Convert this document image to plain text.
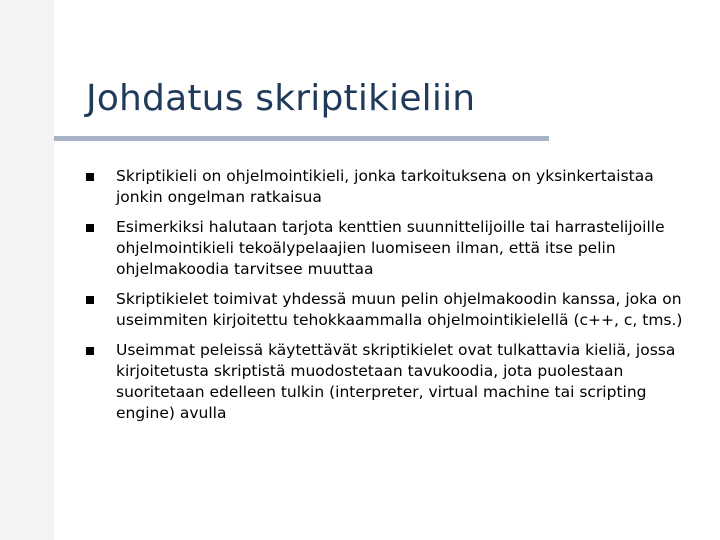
Johdatus skriptikieliin
Skriptikieli on ohjelmointikieli, jonka tarkoituksena on yksinkertaistaa jonkin ongelman ratkaisua
Esimerkiksi halutaan tarjota kenttien suunnittelijoille tai harrastelijoille ohjelmointikieli tekoälypelaajien luomiseen ilman, että itse pelin ohjelmakoodia tarvitsee muuttaa
Skriptikielet toimivat yhdessä muun pelin ohjelmakoodin kanssa, joka on useimmiten kirjoitettu tehokkaammalla ohjelmointikielellä (c++, c, tms.)
Useimmat peleissä käytettävät skriptikielet ovat tulkattavia kieliä, jossa kirjoitetusta skriptistä muodostetaan tavukoodia, jota puolestaan suoritetaan edelleen tulkin (interpreter, virtual machine tai scripting engine) avulla
